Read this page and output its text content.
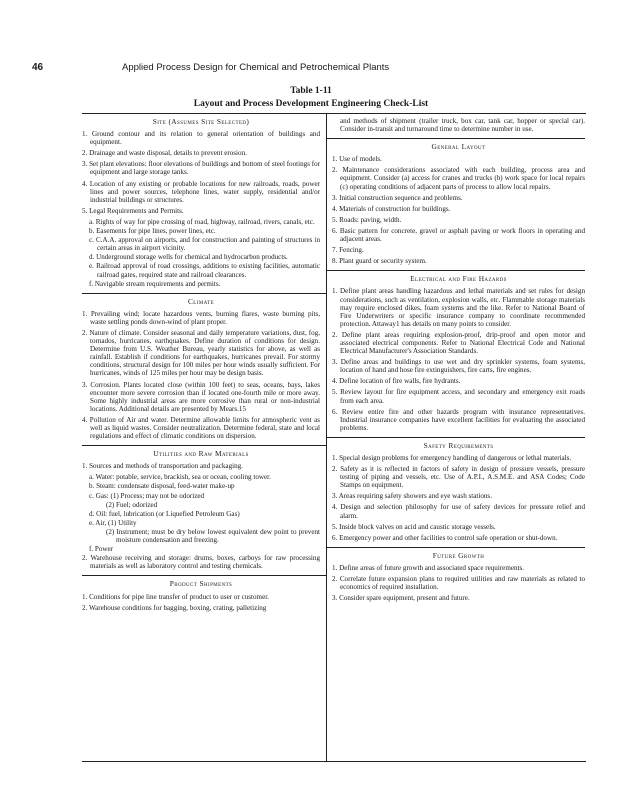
46	Applied Process Design for Chemical and Petrochemical Plants
Table 1-11
Layout and Process Development Engineering Check-List
Site (Assumes Site Selected)
1. Ground contour and its relation to general orientation of buildings and equipment.
2. Drainage and waste disposal, details to prevent erosion.
3. Set plant elevations: floor elevations of buildings and bottom of steel footings for equipment and large storage tanks.
4. Location of any existing or probable locations for new railroads, roads, power lines and power sources, telephone lines, water supply, residential and/or industrial buildings or structures.
5. Legal Requirements and Permits.
a. Rights of way for pipe crossing of road, highway, railroad, rivers, canals, etc.
b. Easements for pipe lines, power lines, etc.
c. C.A.A. approval on airports, and for construction and painting of structures in certain areas in airport vicinity.
d. Underground storage wells for chemical and hydrocarbon products.
e. Railroad approval of road crossings, additions to existing facilities, automatic railroad gates, required state and railroad clearances.
f. Navigable stream requirements and permits.
Climate
1. Prevailing wind; locate hazardous vents, burning flares, waste burning pits, waste settling ponds down-wind of plant proper.
2. Nature of climate. Consider seasonal and daily temperature variations, dust, fog, tornados, hurricanes, earthquakes. Define duration of conditions for design. Determine from U.S. Weather Bureau, yearly statistics for above, as well as rainfall. Establish if conditions for earthquakes, hurricanes prevail. For stormy conditions, structural design for 100 miles per hour winds usually sufficient. For hurricanes, winds of 125 miles per hour may be design basis.
3. Corrosion. Plants located close (within 100 feet) to seas, oceans, bays, lakes encounter more severe corrosion than if located one-fourth mile or more away. Some highly industrial areas are more corrosive than rural or non-industrial locations. Additional details are presented by Mears.15
4. Pollution of Air and water. Determine allowable limits for atmospheric vent as well as liquid wastes. Consider neutralization. Determine federal, state and local regulations and effect of climatic conditions on dispersion.
Utilities and Raw Materials
1. Sources and methods of transportation and packaging.
a. Water: potable, service, brackish, sea or ocean, cooling tower.
b. Steam: condensate disposal, feed-water make-up
c. Gas: (1) Process; may not be odorized
(2) Fuel; odorized
d. Oil: fuel, lubrication (or Liquefied Petroleum Gas)
e. Air, (1) Utility
(2) Instrument; must be dry below lowest equivalent dew point to prevent moisture condensation and freezing.
f. Power
2. Warehouse receiving and storage: drums, boxes, carboys for raw processing materials as well as laboratory control and testing chemicals.
Product Shipments
1. Conditions for pipe line transfer of product to user or customer.
2. Warehouse conditions for bagging, boxing, crating, palletizing
and methods of shipment (trailer truck, box car, tank car, hopper or special car). Consider in-transit and turnaround time to determine number in use.
General Layout
1. Use of models.
2. Maintenance considerations associated with each building, process area and equipment. Consider (a) access for cranes and trucks (b) work space for local repairs (c) operating conditions of adjacent parts of process to allow local repairs.
3. Initial construction sequence and problems.
4. Materials of construction for buildings.
5. Roads: paving, width.
6. Basic pattern for concrete, gravel or asphalt paving or work floors in operating and adjacent areas.
7. Fencing.
8. Plant guard or security system.
Electrical and Fire Hazards
1. Define plant areas handling hazardous and lethal materials and set rules for design considerations, such as ventilation, explosion walls, etc. Flammable storage materials may require enclosed dikes, foam systems and the like. Refer to National Board of Fire Underwriters or specific insurance company to coordinate recommended protection. Attaway1 has details on many points to consider.
2. Define plant areas requiring explosion-proof, drip-proof and open motor and associated electrical components. Refer to National Electrical Code and National Electrical Manufacturer's Association Standards.
3. Define areas and buildings to use wet and dry sprinkler systems, foam systems, location of hand and hose fire extinguishers, fire carts, fire engines.
4. Define location of fire walls, fire hydrants.
5. Review layout for fire equipment access, and secondary and emergency exit roads from each area.
6. Review entire fire and other hazards program with insurance representatives. Industrial insurance companies have excellent facilities for evaluating the associated problems.
Safety Requirements
1. Special design problems for emergency handling of dangerous or lethal materials.
2. Safety as it is reflected in factors of safety in design of pressure vessels, pressure testing of piping and vessels, etc. Use of A.P.I., A.S.M.E. and ASA Codes; Code Stamps on equipment.
3. Areas requiring safety showers and eye wash stations.
4. Design and selection philosophy for use of safety devices for pressure relief and alarm.
5. Inside block valves on acid and caustic storage vessels.
6. Emergency power and other facilities to control safe operation or shut-down.
Future Growth
1. Define areas of future growth and associated space requirements.
2. Correlate future expansion plans to required utilities and raw materials as related to economics of required installation.
3. Consider spare equipment, present and future.
